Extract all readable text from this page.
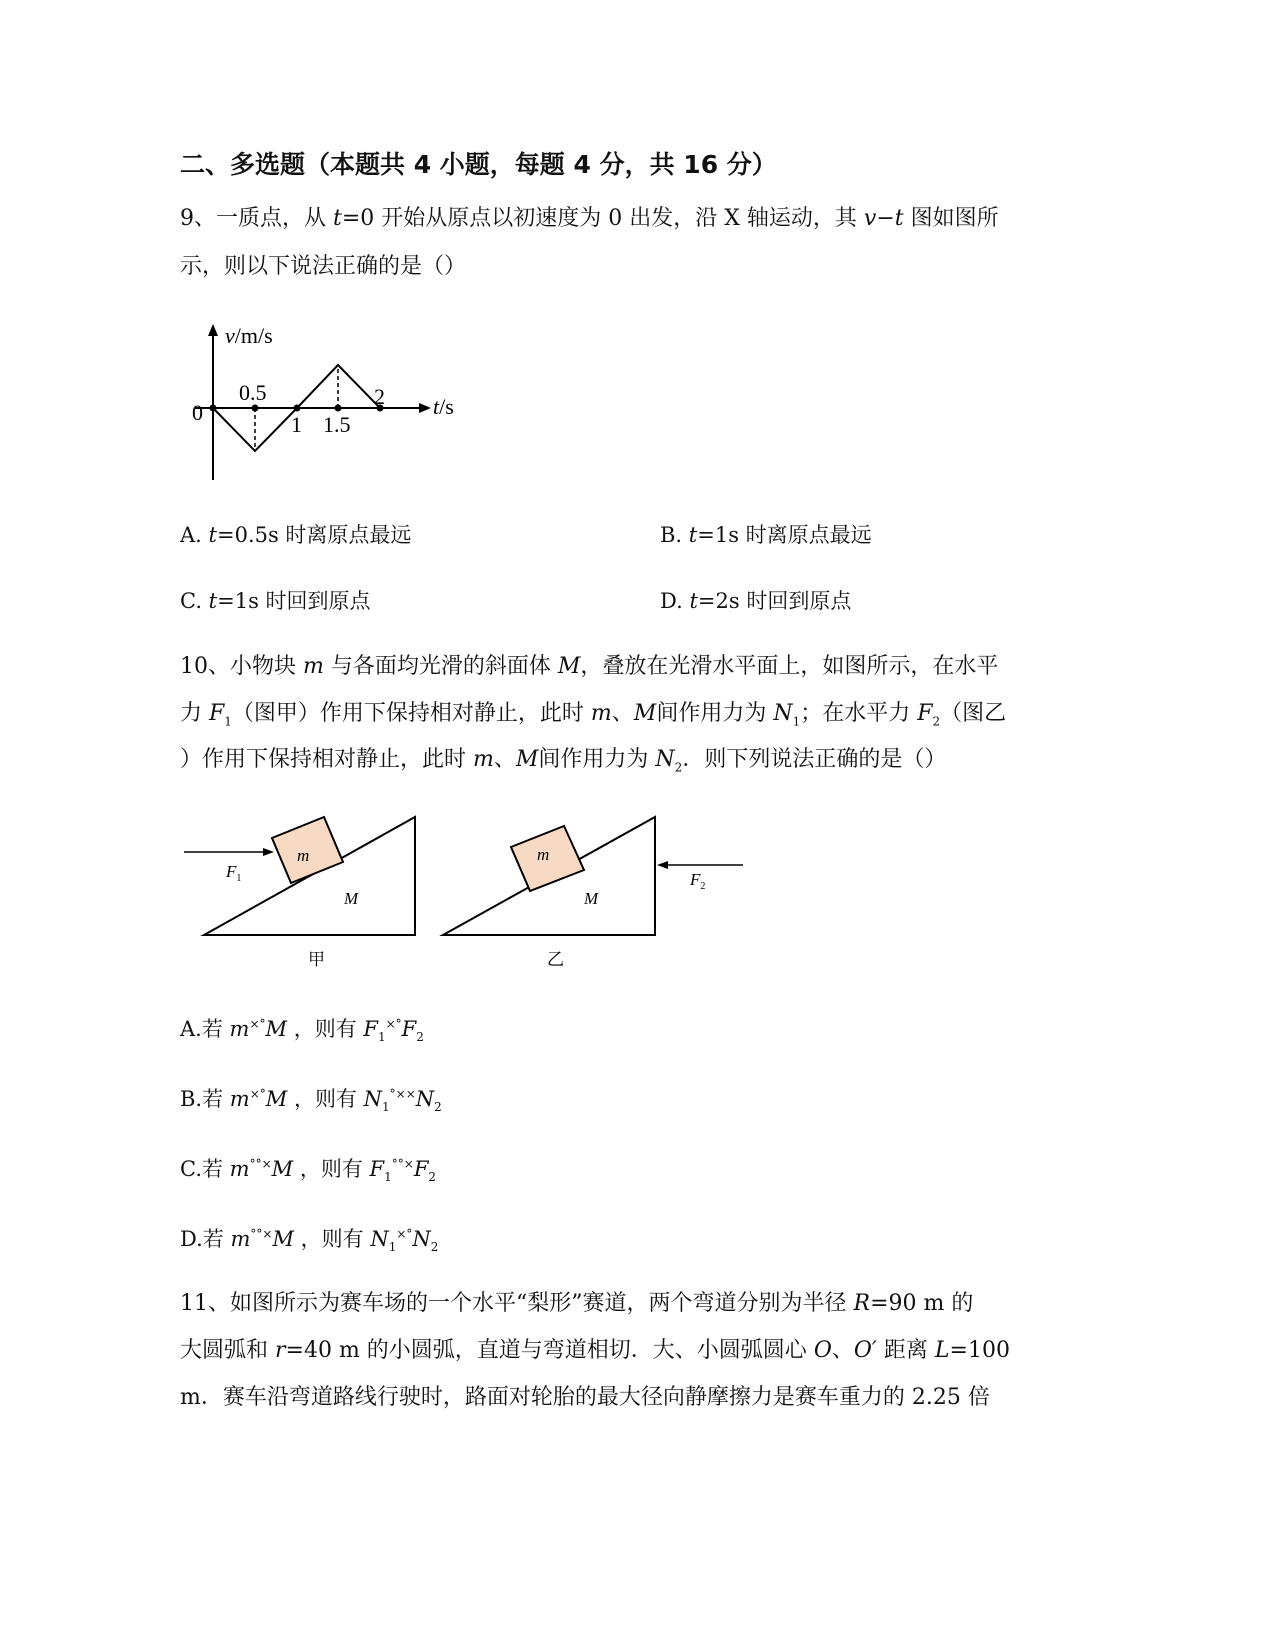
二、多选题（本题共 4 小题，每题 4 分，共 16 分）
9、一质点，从 t=0 开始从原点以初速度为 0 出发，沿 X 轴运动，其 v−t 图如图所
示，则以下说法正确的是（）
v/m/s
t/s
0
0.5
1 1.5
2
A. t=0.5s 时离原点最远	B. t=1s 时离原点最远
C. t=1s 时回到原点	D. t=2s 时回到原点
10、小物块 m 与各面均光滑的斜面体 M，叠放在光滑水平面上，如图所示，在水平
力 $F_1$（图甲）作用下保持相对静止，此时 m、M间作用力为 $N_1$；在水平力 $F_2$（图乙
）作用下保持相对静止，此时 m、M间作用力为 $N_2$．则下列说法正确的是（）
m
M
$F_1$
甲
m
M
$F_2$
乙
A.若 m×°M ，则有 $F_1^{\times^\circ}F_2$
B.若 m×°M ，则有 $N_1^{^\circ\times\times}N_2$
C.若 m°°×M ，则有 $F_1^{^\circ^\circ\times}F_2$
D.若 m°°×M ，则有 $N_1^{\times^\circ}N_2$
11、如图所示为赛车场的一个水平“梨形”赛道，两个弯道分别为半径 R=90 m 的
大圆弧和 r=40 m 的小圆弧，直道与弯道相切．大、小圆弧圆心 O、O′ 距离 L=100
m．赛车沿弯道路线行驶时，路面对轮胎的最大径向静摩擦力是赛车重力的 2.25 倍
